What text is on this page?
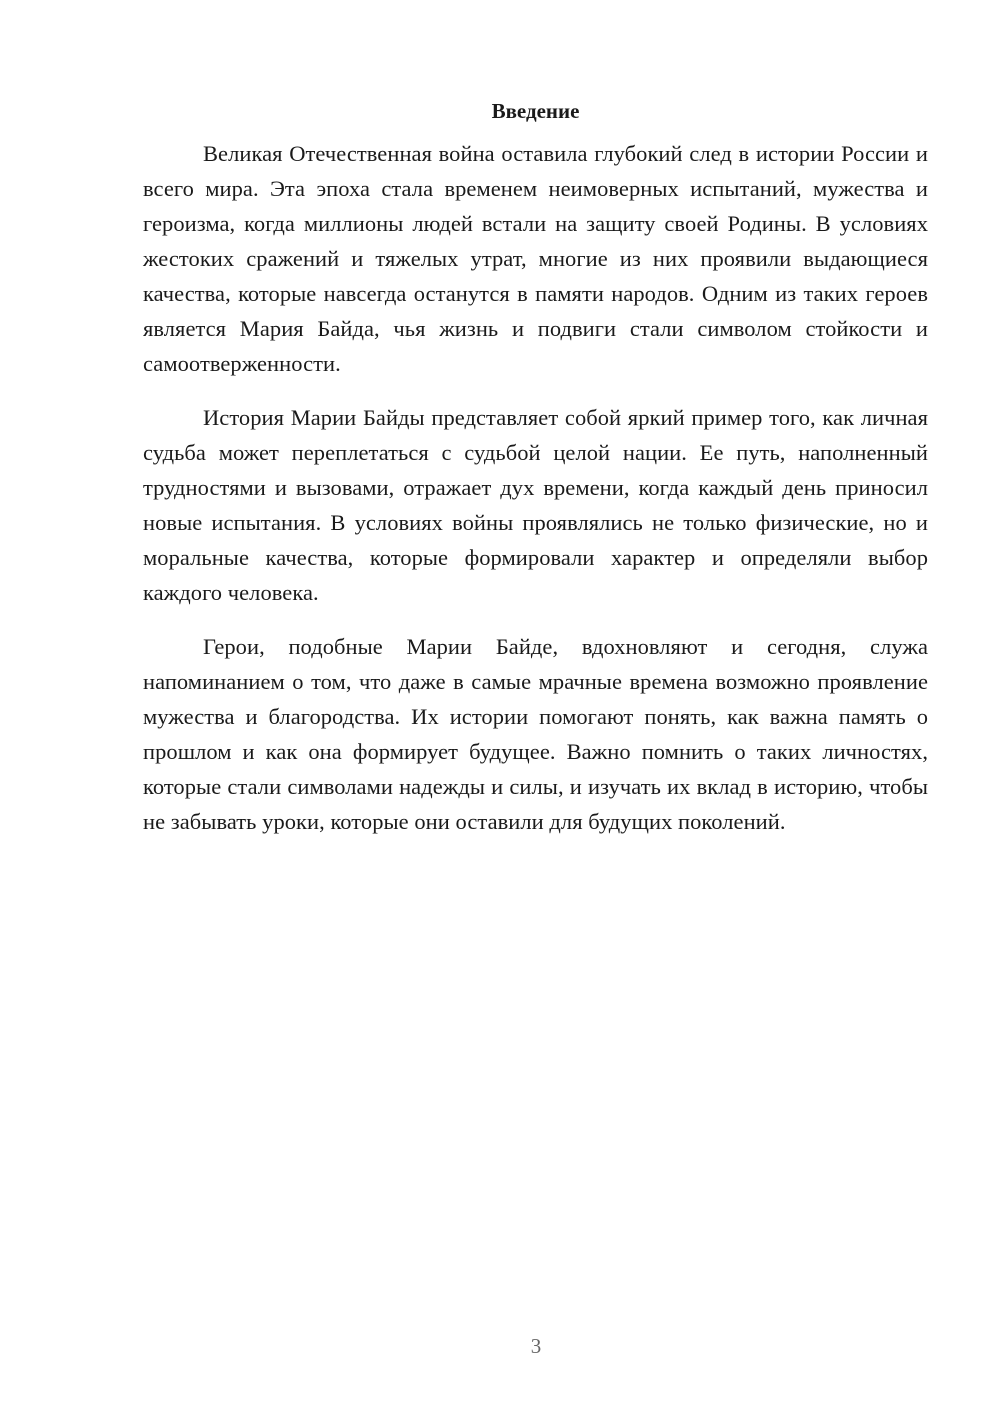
Введение

Великая Отечественная война оставила глубокий след в истории России и всего мира. Эта эпоха стала временем неимоверных испытаний, мужества и героизма, когда миллионы людей встали на защиту своей Родины. В условиях жестоких сражений и тяжелых утрат, многие из них проявили выдающиеся качества, которые навсегда останутся в памяти народов. Одним из таких героев является Мария Байда, чья жизнь и подвиги стали символом стойкости и самоотверженности.

История Марии Байды представляет собой яркий пример того, как личная судьба может переплетаться с судьбой целой нации. Ее путь, наполненный трудностями и вызовами, отражает дух времени, когда каждый день приносил новые испытания. В условиях войны проявлялись не только физические, но и моральные качества, которые формировали характер и определяли выбор каждого человека.

Герои, подобные Марии Байде, вдохновляют и сегодня, служа напоминанием о том, что даже в самые мрачные времена возможно проявление мужества и благородства. Их истории помогают понять, как важна память о прошлом и как она формирует будущее. Важно помнить о таких личностях, которые стали символами надежды и силы, и изучать их вклад в историю, чтобы не забывать уроки, которые они оставили для будущих поколений.

3
